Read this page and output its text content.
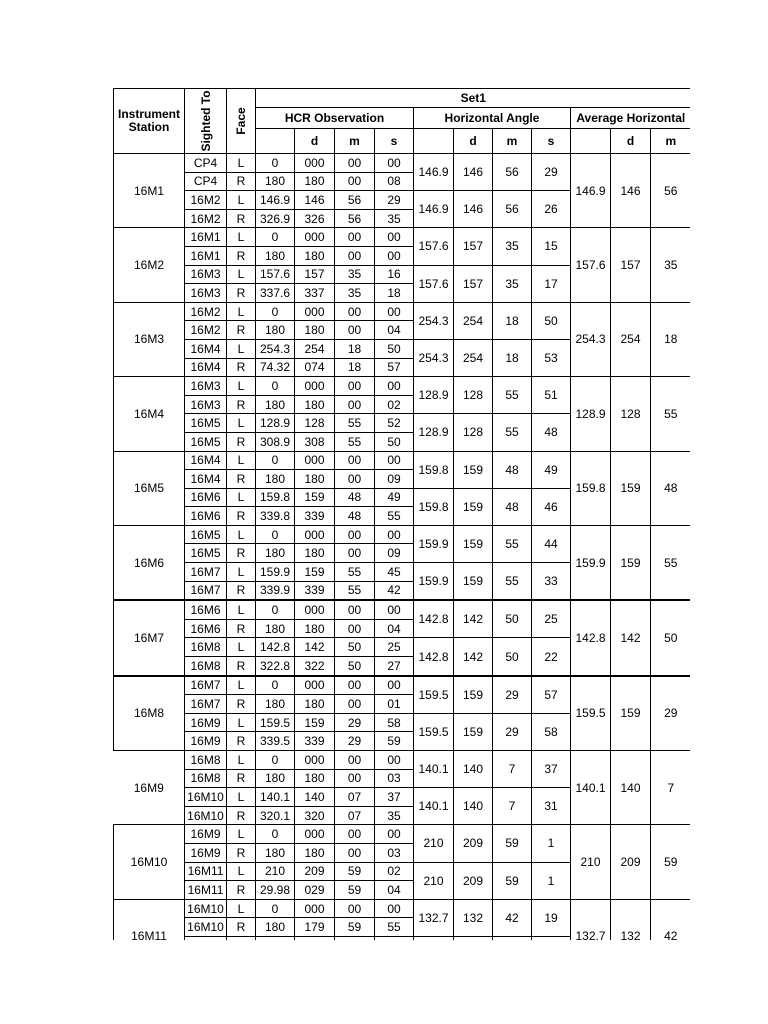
Instrument Station	Sighted To	Face	Set1										
			HCR Observation				Horizontal Angle				Average Horizontal		
				d	m	s		d	m	s		d	m
16M1	CP4	L	0	000	00	00	146.9	146	56	29	146.9	146	56
	CP4	R	180	180	00	08							
	16M2	L	146.9	146	56	29	146.9	146	56	26			
	16M2	R	326.9	326	56	35							
16M2	16M1	L	0	000	00	00	157.6	157	35	15	157.6	157	35
	16M1	R	180	180	00	00							
	16M3	L	157.6	157	35	16	157.6	157	35	17			
	16M3	R	337.6	337	35	18							
16M3	16M2	L	0	000	00	00	254.3	254	18	50	254.3	254	18
	16M2	R	180	180	00	04							
	16M4	L	254.3	254	18	50	254.3	254	18	53			
	16M4	R	74.32	074	18	57							
16M4	16M3	L	0	000	00	00	128.9	128	55	51	128.9	128	55
	16M3	R	180	180	00	02							
	16M5	L	128.9	128	55	52	128.9	128	55	48			
	16M5	R	308.9	308	55	50							
16M5	16M4	L	0	000	00	00	159.8	159	48	49	159.8	159	48
	16M4	R	180	180	00	09							
	16M6	L	159.8	159	48	49	159.8	159	48	46			
	16M6	R	339.8	339	48	55							
16M6	16M5	L	0	000	00	00	159.9	159	55	44	159.9	159	55
	16M5	R	180	180	00	09							
	16M7	L	159.9	159	55	45	159.9	159	55	33			
	16M7	R	339.9	339	55	42							
16M7	16M6	L	0	000	00	00	142.8	142	50	25	142.8	142	50
	16M6	R	180	180	00	04							
	16M8	L	142.8	142	50	25	142.8	142	50	22			
	16M8	R	322.8	322	50	27							
16M8	16M7	L	0	000	00	00	159.5	159	29	57	159.5	159	29
	16M7	R	180	180	00	01							
	16M9	L	159.5	159	29	58	159.5	159	29	58			
	16M9	R	339.5	339	29	59							
16M9	16M8	L	0	000	00	00	140.1	140	7	37	140.1	140	7
	16M8	R	180	180	00	03							
	16M10	L	140.1	140	07	37	140.1	140	7	31			
	16M10	R	320.1	320	07	35							
16M10	16M9	L	0	000	00	00	210	209	59	1	210	209	59
	16M9	R	180	180	00	03							
	16M11	L	210	209	59	02	210	209	59	1			
	16M11	R	29.98	029	59	04							
16M11	16M10	L	0	000	00	00	132.7	132	42	19	132.7	132	42
	16M10	R	180	179	59	55							
